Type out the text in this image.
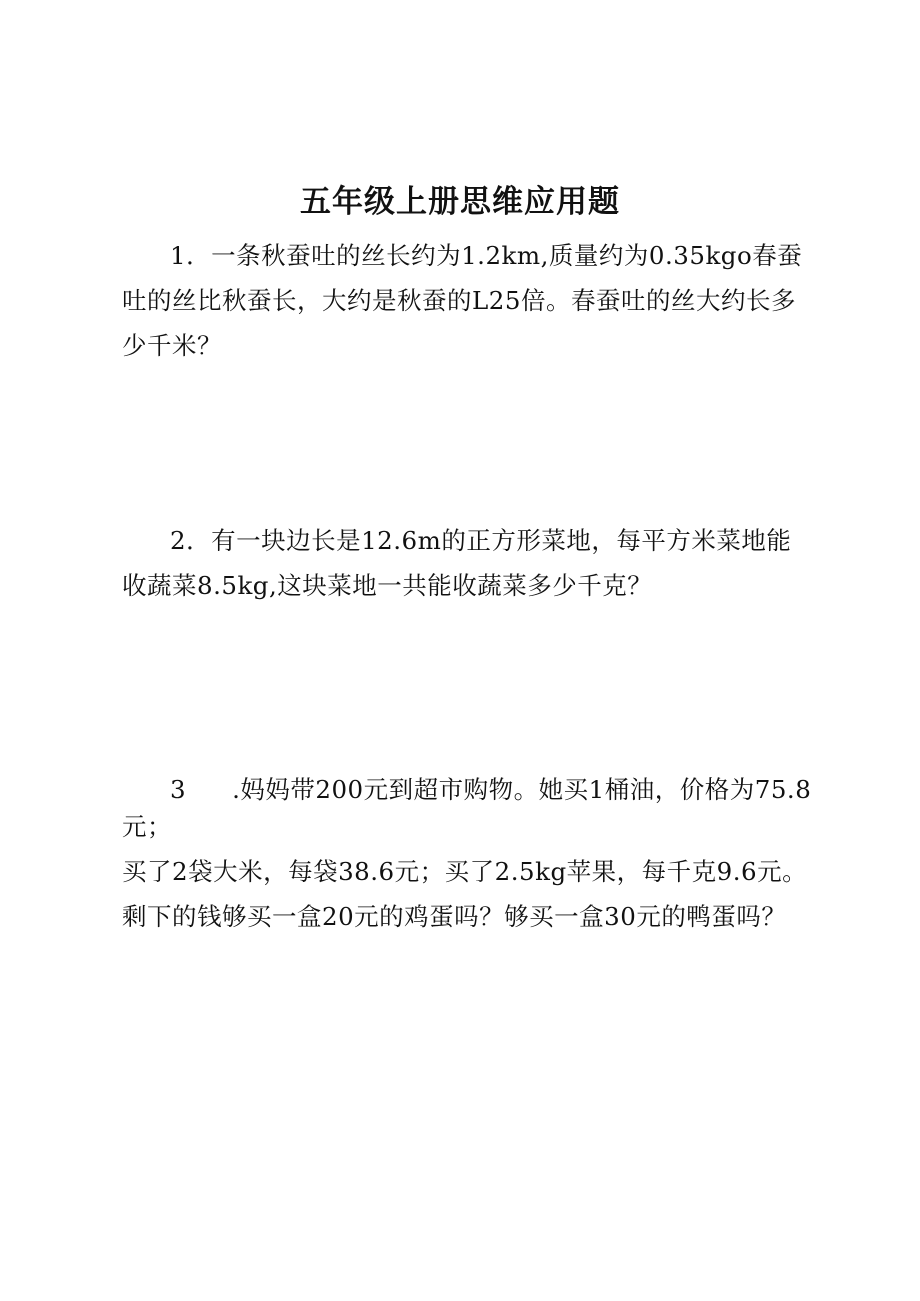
五年级上册思维应用题

1．一条秋蚕吐的丝长约为1.2km,质量约为0.35kgo春蚕吐的丝比秋蚕长，大约是秋蚕的L25倍。春蚕吐的丝大约长多少千米？

2．有一块边长是12.6m的正方形菜地，每平方米菜地能收蔬菜8.5kg,这块菜地一共能收蔬菜多少千克？

3 .妈妈带200元到超市购物。她买1桶油，价格为75.8元；

买了2袋大米，每袋38.6元；买了2.5kg苹果，每千克9.6元。

剩下的钱够买一盒20元的鸡蛋吗？够买一盒30元的鸭蛋吗？
